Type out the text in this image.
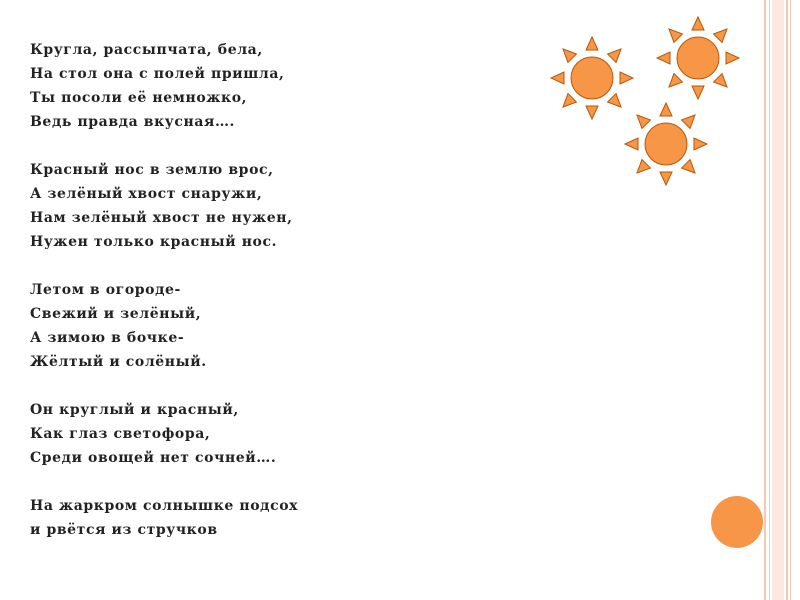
Кругла, рассыпчата, бела,
На стол она с полей пришла,
Ты посоли её немножко,
Ведь правда вкусная….
Красный нос в землю врос,
А зелёный хвост снаружи,
Нам зелёный хвост не нужен,
Нужен только красный нос.
Летом в огороде-
Свежий и зелёный,
А зимою в бочке-
Жёлтый и солёный.
Он круглый и красный,
Как глаз светофора,
Среди овощей нет сочней….
На жаркром солнышке подсох
и рвётся из стручков
